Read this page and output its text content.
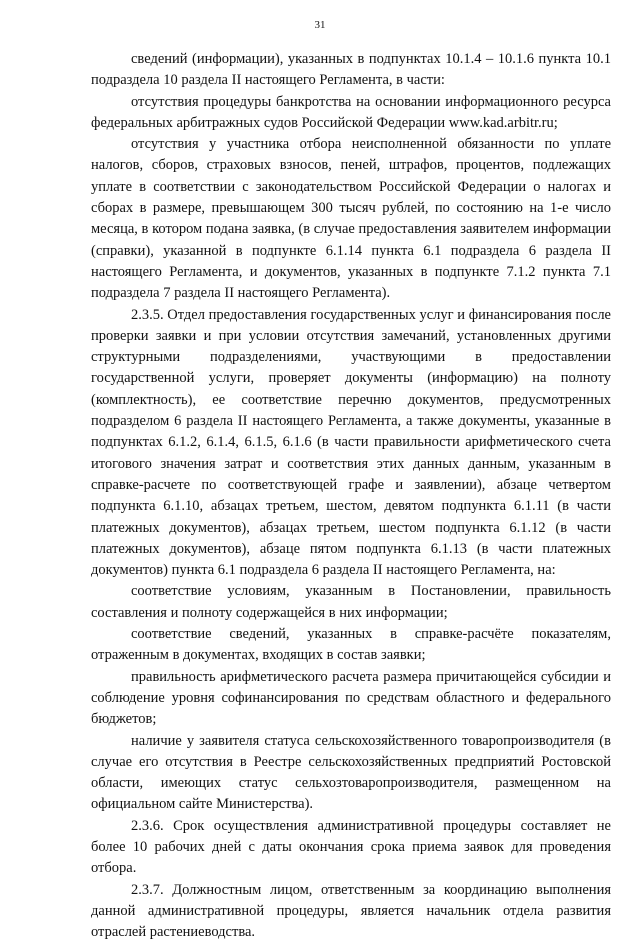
31

сведений (информации), указанных в подпунктах 10.1.4 – 10.1.6 пункта 10.1 подраздела 10 раздела II настоящего Регламента, в части:

отсутствия процедуры банкротства на основании информационного ресурса федеральных арбитражных судов Российской Федерации www.kad.arbitr.ru;

отсутствия у участника отбора неисполненной обязанности по уплате налогов, сборов, страховых взносов, пеней, штрафов, процентов, подлежащих уплате в соответствии с законодательством Российской Федерации о налогах и сборах в размере, превышающем 300 тысяч рублей, по состоянию на 1-е число месяца, в котором подана заявка, (в случае предоставления заявителем информации (справки), указанной в подпункте 6.1.14 пункта 6.1 подраздела 6 раздела II настоящего Регламента, и документов, указанных в подпункте 7.1.2 пункта 7.1 подраздела 7 раздела II настоящего Регламента).

2.3.5. Отдел предоставления государственных услуг и финансирования после проверки заявки и при условии отсутствия замечаний, установленных другими структурными подразделениями, участвующими в предоставлении государственной услуги, проверяет документы (информацию) на полноту (комплектность), ее соответствие перечню документов, предусмотренных подразделом 6 раздела II настоящего Регламента, а также документы, указанные в подпунктах 6.1.2, 6.1.4, 6.1.5, 6.1.6 (в части правильности арифметического счета итогового значения затрат и соответствия этих данных данным, указанным в справке-расчете по соответствующей графе и заявлении), абзаце четвертом подпункта 6.1.10, абзацах третьем, шестом, девятом подпункта 6.1.11 (в части платежных документов), абзацах третьем, шестом подпункта 6.1.12 (в части платежных документов), абзаце пятом подпункта 6.1.13 (в части платежных документов) пункта 6.1 подраздела 6 раздела II настоящего Регламента, на:

соответствие условиям, указанным в Постановлении, правильность составления и полноту содержащейся в них информации;

соответствие сведений, указанных в справке-расчёте показателям, отраженным в документах, входящих в состав заявки;

правильность арифметического расчета размера причитающейся субсидии и соблюдение уровня софинансирования по средствам областного и федерального бюджетов;

наличие у заявителя статуса сельскохозяйственного товаропроизводителя (в случае его отсутствия в Реестре сельскохозяйственных предприятий Ростовской области, имеющих статус сельхозтоваропроизводителя, размещенном на официальном сайте Министерства).

2.3.6. Срок осуществления административной процедуры составляет не более 10 рабочих дней с даты окончания срока приема заявок для проведения отбора.

2.3.7. Должностным лицом, ответственным за координацию выполнения данной административной процедуры, является начальник отдела развития отраслей растениеводства.
